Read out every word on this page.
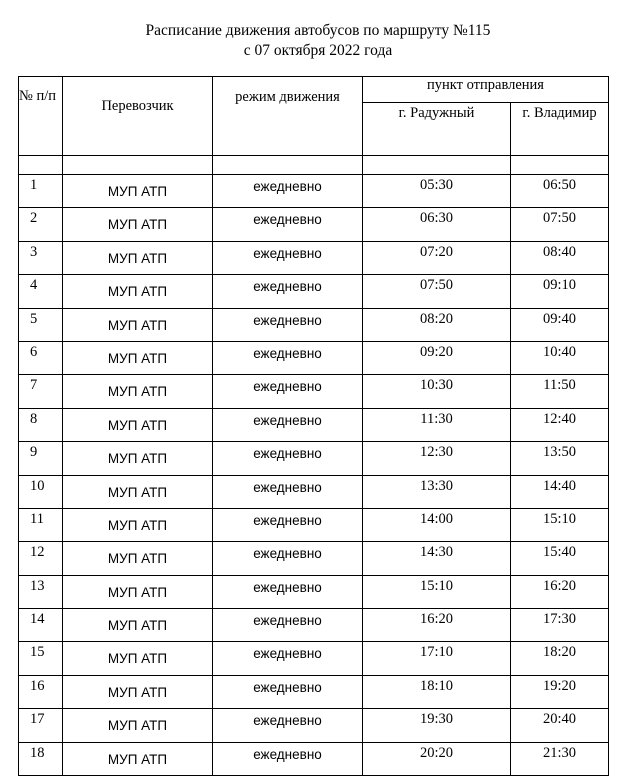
Расписание движения автобусов по маршруту №115
с 07 октября 2022 года
№ п/п	Перевозчик	режим движения	пункт отправления	
			г. Радужный	г. Владимир

1	МУП АТП	ежедневно	05:30	06:50
2	МУП АТП	ежедневно	06:30	07:50
3	МУП АТП	ежедневно	07:20	08:40
4	МУП АТП	ежедневно	07:50	09:10
5	МУП АТП	ежедневно	08:20	09:40
6	МУП АТП	ежедневно	09:20	10:40
7	МУП АТП	ежедневно	10:30	11:50
8	МУП АТП	ежедневно	11:30	12:40
9	МУП АТП	ежедневно	12:30	13:50
10	МУП АТП	ежедневно	13:30	14:40
11	МУП АТП	ежедневно	14:00	15:10
12	МУП АТП	ежедневно	14:30	15:40
13	МУП АТП	ежедневно	15:10	16:20
14	МУП АТП	ежедневно	16:20	17:30
15	МУП АТП	ежедневно	17:10	18:20
16	МУП АТП	ежедневно	18:10	19:20
17	МУП АТП	ежедневно	19:30	20:40
18	МУП АТП	ежедневно	20:20	21:30
